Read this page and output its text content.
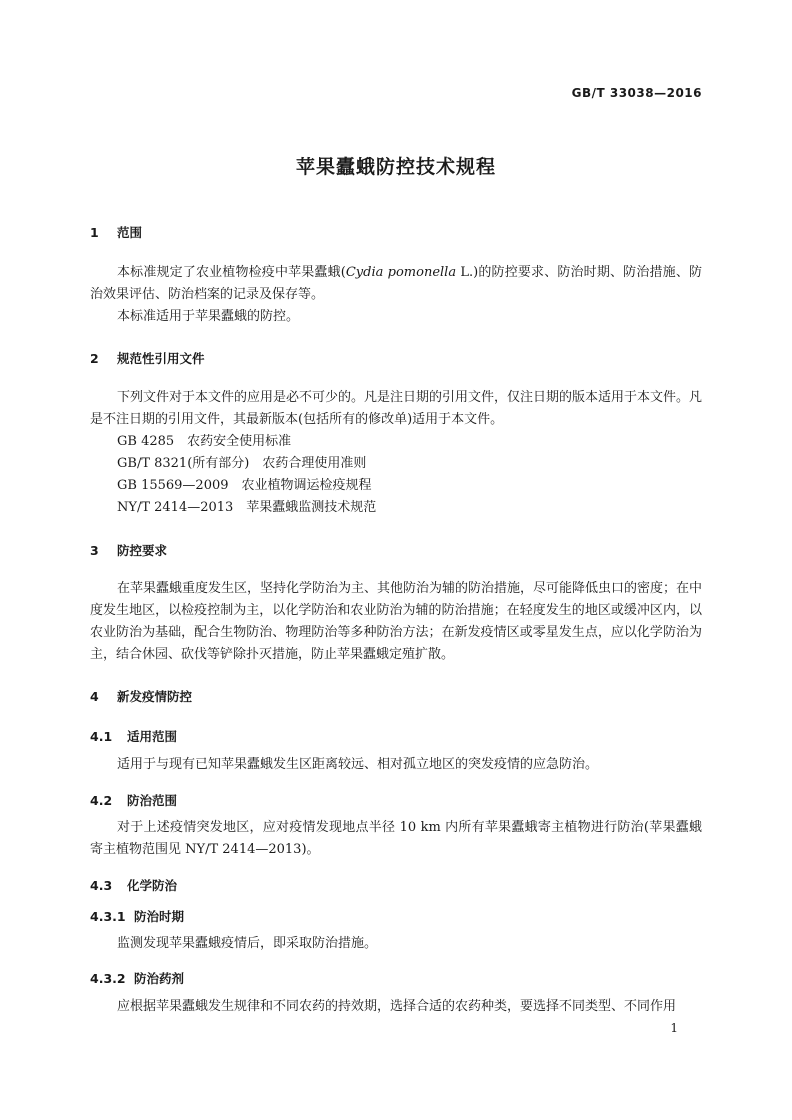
GB/T 33038—2016
苹果蠹蛾防控技术规程
1 范围
本标准规定了农业植物检疫中苹果蠹蛾(Cydia pomonella L.)的防控要求、防治时期、防治措施、防治效果评估、防治档案的记录及保存等。
本标准适用于苹果蠹蛾的防控。
2 规范性引用文件
下列文件对于本文件的应用是必不可少的。凡是注日期的引用文件，仅注日期的版本适用于本文件。凡是不注日期的引用文件，其最新版本(包括所有的修改单)适用于本文件。
GB 4285　农药安全使用标准
GB/T 8321(所有部分)　农药合理使用准则
GB 15569—2009　农业植物调运检疫规程
NY/T 2414—2013　苹果蠹蛾监测技术规范
3 防控要求
在苹果蠹蛾重度发生区，坚持化学防治为主、其他防治为辅的防治措施，尽可能降低虫口的密度；在中度发生地区，以检疫控制为主，以化学防治和农业防治为辅的防治措施；在轻度发生的地区或缓冲区内，以农业防治为基础，配合生物防治、物理防治等多种防治方法；在新发疫情区或零星发生点，应以化学防治为主，结合休园、砍伐等铲除扑灭措施，防止苹果蠹蛾定殖扩散。
4 新发疫情防控
4.1 适用范围
适用于与现有已知苹果蠹蛾发生区距离较远、相对孤立地区的突发疫情的应急防治。
4.2 防治范围
对于上述疫情突发地区，应对疫情发现地点半径 10 km 内所有苹果蠹蛾寄主植物进行防治(苹果蠹蛾寄主植物范围见 NY/T 2414—2013)。
4.3 化学防治
4.3.1 防治时期
监测发现苹果蠹蛾疫情后，即采取防治措施。
4.3.2 防治药剂
应根据苹果蠹蛾发生规律和不同农药的持效期，选择合适的农药种类，要选择不同类型、不同作用
1
